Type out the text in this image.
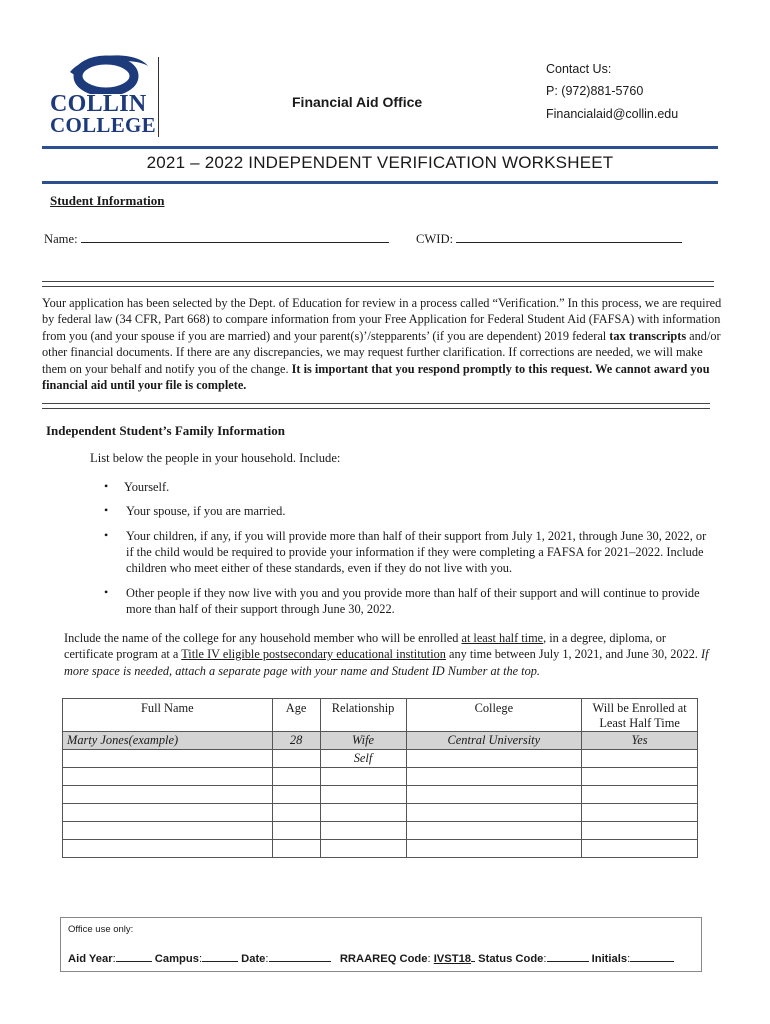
COLLIN
COLLEGE
Financial Aid Office
Contact Us:
P: (972)881-5760
Financialaid@collin.edu
2021 – 2022 INDEPENDENT VERIFICATION WORKSHEET
Student Information
Name:	CWID:
Your application has been selected by the Dept. of Education for review in a process called “Verification.” In this process, we are required by federal law (34 CFR, Part 668) to compare information from your Free Application for Federal Student Aid (FAFSA) with information from you (and your spouse if you are married) and your parent(s)’/stepparents’ (if you are dependent) 2019 federal tax transcripts and/or other financial documents. If there are any discrepancies, we may request further clarification. If corrections are needed, we will make them on your behalf and notify you of the change. It is important that you respond promptly to this request. We cannot award you financial aid until your file is complete.
Independent Student’s Family Information
List below the people in your household. Include:
• Yourself.
• Your spouse, if you are married.
• Your children, if any, if you will provide more than half of their support from July 1, 2021, through June 30, 2022, or if the child would be required to provide your information if they were completing a FAFSA for 2021–2022. Include children who meet either of these standards, even if they do not live with you.
• Other people if they now live with you and you provide more than half of their support and will continue to provide more than half of their support through June 30, 2022.
Include the name of the college for any household member who will be enrolled at least half time, in a degree, diploma, or certificate program at a Title IV eligible postsecondary educational institution any time between July 1, 2021, and June 30, 2022. If more space is needed, attach a separate page with your name and Student ID Number at the top.
Full Name	Age	Relationship	College	Will be Enrolled at Least Half Time
Marty Jones(example)	28	Wife	Central University	Yes
		Self		

Office use only:
Aid Year:	Campus:	Date:	RRAAREQ Code: IVST18 Status Code:	Initials:
